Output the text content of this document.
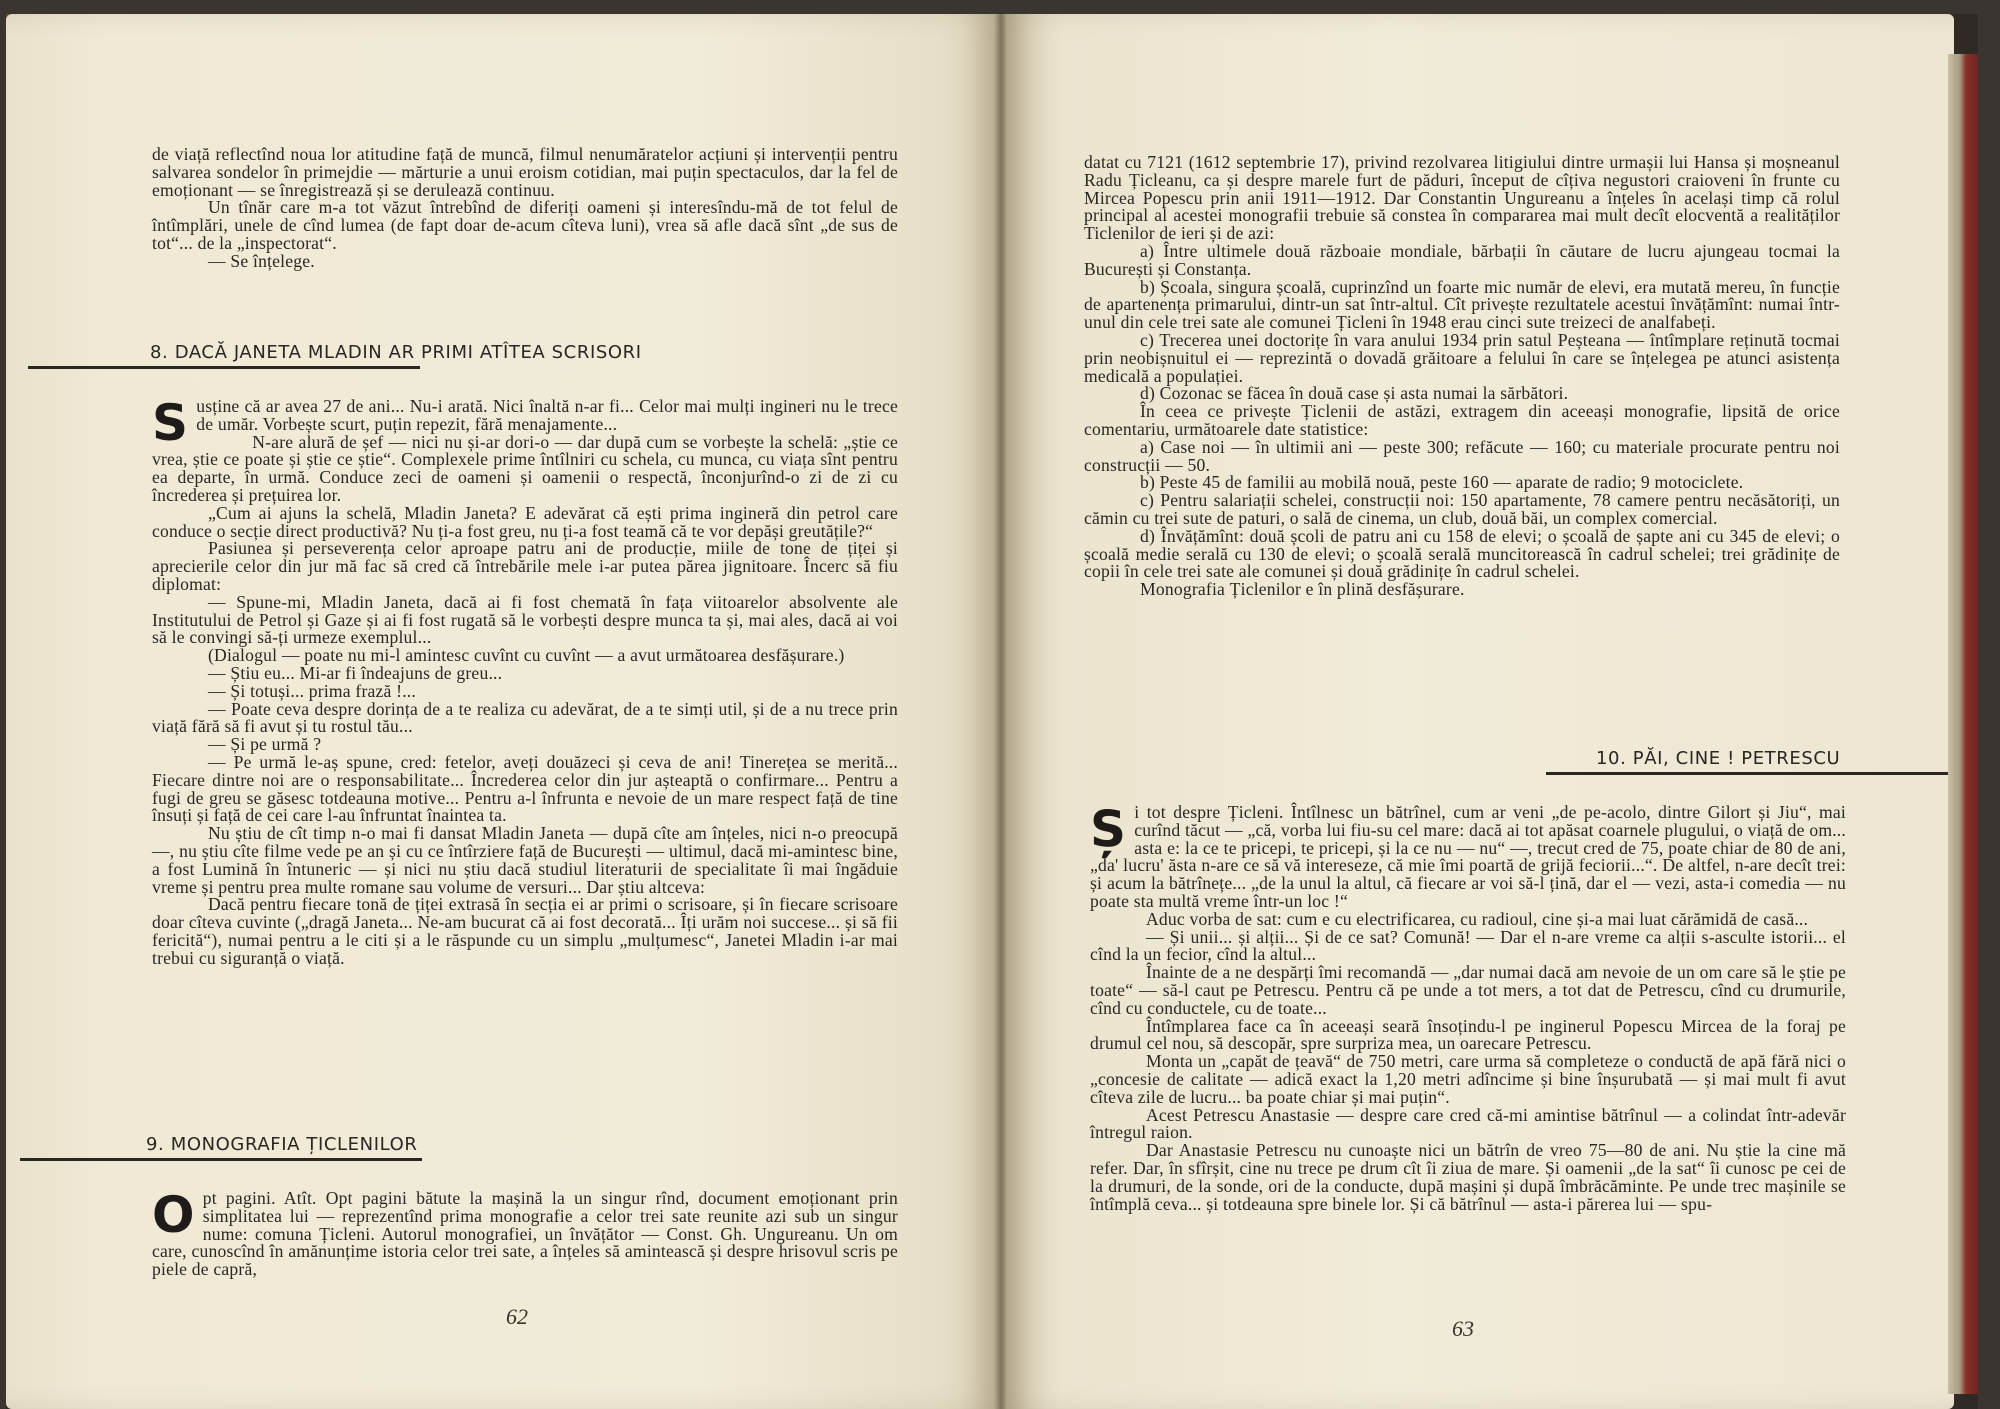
de viață reflectînd noua lor atitudine față de muncă, filmul nenumăratelor acțiuni și intervenții pentru salvarea sondelor în primejdie — mărturie a unui eroism cotidian, mai puțin spectaculos, dar la fel de emoționant — se înregistrează și se derulează continuu.

Un tînăr care m-a tot văzut întrebînd de diferiți oameni și interesîndu-mă de tot felul de întîmplări, unele de cînd lumea (de fapt doar de-acum cîteva luni), vrea să afle dacă sînt „de sus de tot“... de la „inspectorat“.

— Se înțelege.

8. DACĂ JANETA MLADIN AR PRIMI ATÎTEA SCRISORI
S usține că ar avea 27 de ani... Nu-i arată. Nici înaltă n-ar fi... Celor mai mulți ingineri nu le trece de umăr. Vorbește scurt, puțin repezit, fără menajamente...

N-are alură de șef — nici nu și-ar dori-o — dar după cum se vorbește la schelă: „știe ce vrea, știe ce poate și știe ce știe“. Complexele prime întîlniri cu schela, cu munca, cu viața sînt pentru ea departe, în urmă. Conduce zeci de oameni și oamenii o respectă, înconjurînd-o zi de zi cu încrederea și prețuirea lor.

„Cum ai ajuns la schelă, Mladin Janeta? E adevărat că ești prima ingineră din petrol care conduce o secție direct productivă? Nu ți-a fost greu, nu ți-a fost teamă că te vor depăși greutățile?“

Pasiunea și perseverența celor aproape patru ani de producție, miile de tone de țiței și aprecierile celor din jur mă fac să cred că întrebările mele i-ar putea părea jignitoare. Încerc să fiu diplomat:

— Spune-mi, Mladin Janeta, dacă ai fi fost chemată în fața viitoarelor absolvente ale Institutului de Petrol și Gaze și ai fi fost rugată să le vorbești despre munca ta și, mai ales, dacă ai voi să le convingi să-ți urmeze exemplul...

(Dialogul — poate nu mi-l amintesc cuvînt cu cuvînt — a avut următoarea desfășurare.)

— Știu eu... Mi-ar fi îndeajuns de greu...

— Și totuși... prima frază !...

— Poate ceva despre dorința de a te realiza cu adevărat, de a te simți util, și de a nu trece prin viață fără să fi avut și tu rostul tău...

— Și pe urmă ?

— Pe urmă le-aș spune, cred: fetelor, aveți douăzeci și ceva de ani! Tinerețea se merită... Fiecare dintre noi are o responsabilitate... Încrederea celor din jur așteaptă o confirmare... Pentru a fugi de greu se găsesc totdeauna motive... Pentru a-l înfrunta e nevoie de un mare respect față de tine însuți și față de cei care l-au înfruntat înaintea ta.

Nu știu de cît timp n-o mai fi dansat Mladin Janeta — după cîte am înțeles, nici n-o preocupă —, nu știu cîte filme vede pe an și cu ce întîrziere față de București — ultimul, dacă mi-amintesc bine, a fost Lumină în întuneric — și nici nu știu dacă studiul literaturii de specialitate îi mai îngăduie vreme și pentru prea multe romane sau volume de versuri... Dar știu altceva:

Dacă pentru fiecare tonă de țiței extrasă în secția ei ar primi o scrisoare, și în fiecare scrisoare doar cîteva cuvinte („dragă Janeta... Ne-am bucurat că ai fost decorată... Îți urăm noi succese... și să fii fericită“), numai pentru a le citi și a le răspunde cu un simplu „mulțumesc“, Janetei Mladin i-ar mai trebui cu siguranță o viață.

9. MONOGRAFIA ȚICLENILOR
O pt pagini. Atît. Opt pagini bătute la mașină la un singur rînd, document emoționant prin simplitatea lui — reprezentînd prima monografie a celor trei sate reunite azi sub un singur nume: comuna Țicleni. Autorul monografiei, un învățător — Const. Gh. Ungureanu. Un om care, cunoscînd în amănunțime istoria celor trei sate, a înțeles să amintească și despre hrisovul scris pe piele de capră,

62

datat cu 7121 (1612 septembrie 17), privind rezolvarea litigiului dintre urmașii lui Hansa și moșneanul Radu Țicleanu, ca și despre marele furt de păduri, început de cîțiva negustori craioveni în frunte cu Mircea Popescu prin anii 1911—1912. Dar Constantin Ungureanu a înțeles în același timp că rolul principal al acestei monografii trebuie să constea în compararea mai mult decît elocventă a realităților Ticlenilor de ieri și de azi:

a) Între ultimele două războaie mondiale, bărbații în căutare de lucru ajungeau tocmai la București și Constanța.

b) Școala, singura școală, cuprinzînd un foarte mic număr de elevi, era mutată mereu, în funcție de apartenența primarului, dintr-un sat într-altul. Cît privește rezultatele acestui învățămînt: numai într-unul din cele trei sate ale comunei Țicleni în 1948 erau cinci sute treizeci de analfabeți.

c) Trecerea unei doctorițe în vara anului 1934 prin satul Peșteana — întîmplare reținută tocmai prin neobișnuitul ei — reprezintă o dovadă grăitoare a felului în care se înțelegea pe atunci asistența medicală a populației.

d) Cozonac se făcea în două case și asta numai la sărbători.

În ceea ce privește Țiclenii de astăzi, extragem din aceeași monografie, lipsită de orice comentariu, următoarele date statistice:

a) Case noi — în ultimii ani — peste 300; refăcute — 160; cu materiale procurate pentru noi construcții — 50.

b) Peste 45 de familii au mobilă nouă, peste 160 — aparate de radio; 9 motociclete.

c) Pentru salariații schelei, construcții noi: 150 apartamente, 78 camere pentru necăsătoriți, un cămin cu trei sute de paturi, o sală de cinema, un club, două băi, un complex comercial.

d) Învățămînt: două școli de patru ani cu 158 de elevi; o școală de șapte ani cu 345 de elevi; o școală medie serală cu 130 de elevi; o școală serală muncitorească în cadrul schelei; trei grădinițe de copii în cele trei sate ale comunei și două grădinițe în cadrul schelei.

Monografia Țiclenilor e în plină desfășurare.

10. PĂI, CINE ! PETRESCU
Ș i tot despre Țicleni. Întîlnesc un bătrînel, cum ar veni „de pe-acolo, dintre Gilort și Jiu“, mai curînd tăcut — „că, vorba lui fiu-su cel mare: dacă ai tot apăsat coarnele plugului, o viață de om... asta e: la ce te pricepi, te pricepi, și la ce nu — nu“ —, trecut cred de 75, poate chiar de 80 de ani, „da' lucru' ăsta n-are ce să vă intereseze, că mie îmi poartă de grijă feciorii...“. De altfel, n-are decît trei: și acum la bătrînețe... „de la unul la altul, că fiecare ar voi să-l țină, dar el — vezi, asta-i comedia — nu poate sta multă vreme într-un loc !“

Aduc vorba de sat: cum e cu electrificarea, cu radioul, cine și-a mai luat cărămidă de casă...

— Și unii... și alții... Și de ce sat? Comună! — Dar el n-are vreme ca alții s-asculte istorii... el cînd la un fecior, cînd la altul...

Înainte de a ne despărți îmi recomandă — „dar numai dacă am nevoie de un om care să le știe pe toate“ — să-l caut pe Petrescu. Pentru că pe unde a tot mers, a tot dat de Petrescu, cînd cu drumurile, cînd cu conductele, cu de toate...

Întîmplarea face ca în aceeași seară însoțindu-l pe inginerul Popescu Mircea de la foraj pe drumul cel nou, să descopăr, spre surpriza mea, un oarecare Petrescu.

Monta un „capăt de țeavă“ de 750 metri, care urma să completeze o conductă de apă fără nici o „concesie de calitate — adică exact la 1,20 metri adîncime și bine înșurubată — și mai mult fi avut cîteva zile de lucru... ba poate chiar și mai puțin“.

Acest Petrescu Anastasie — despre care cred că-mi amintise bătrînul — a colindat într-adevăr întregul raion.

Dar Anastasie Petrescu nu cunoaște nici un bătrîn de vreo 75—80 de ani. Nu știe la cine mă refer. Dar, în sfîrșit, cine nu trece pe drum cît îi ziua de mare. Și oamenii „de la sat“ îi cunosc pe cei de la drumuri, de la sonde, ori de la conducte, după mașini și după îmbrăcăminte. Pe unde trec mașinile se întîmplă ceva... și totdeauna spre binele lor. Și că bătrînul — asta-i părerea lui — spu-

63
